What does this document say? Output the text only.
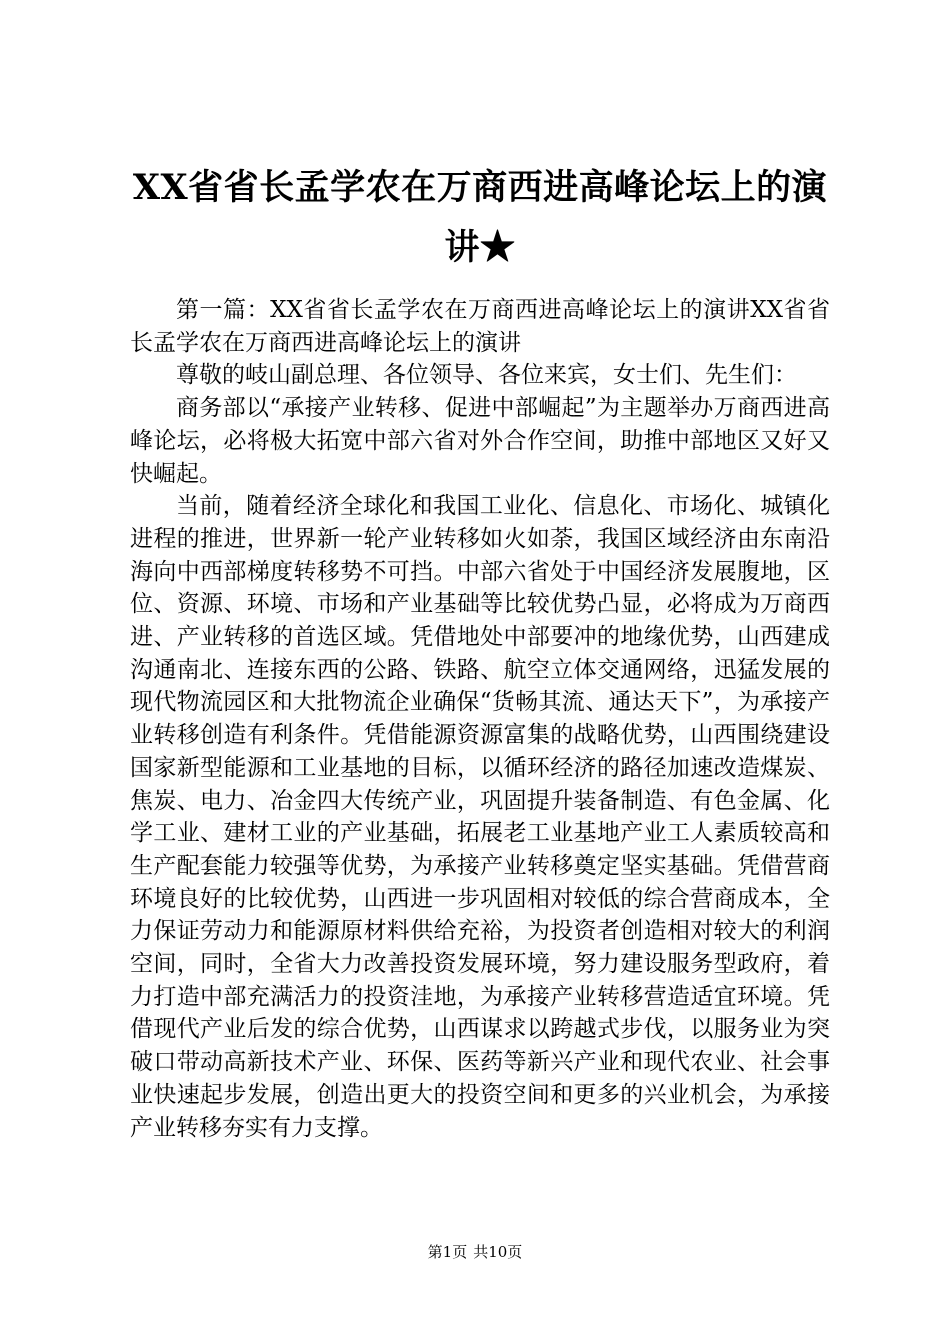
XX省省长孟学农在万商西进高峰论坛上的演
讲★

第一篇：XX省省长孟学农在万商西进高峰论坛上的演讲XX省省长孟学农在万商西进高峰论坛上的演讲

尊敬的岐山副总理、各位领导、各位来宾，女士们、先生们：

商务部以“承接产业转移、促进中部崛起”为主题举办万商西进高峰论坛，必将极大拓宽中部六省对外合作空间，助推中部地区又好又快崛起。

当前，随着经济全球化和我国工业化、信息化、市场化、城镇化进程的推进，世界新一轮产业转移如火如荼，我国区域经济由东南沿海向中西部梯度转移势不可挡。中部六省处于中国经济发展腹地，区位、资源、环境、市场和产业基础等比较优势凸显，必将成为万商西进、产业转移的首选区域。凭借地处中部要冲的地缘优势，山西建成沟通南北、连接东西的公路、铁路、航空立体交通网络，迅猛发展的现代物流园区和大批物流企业确保“货畅其流、通达天下”，为承接产业转移创造有利条件。凭借能源资源富集的战略优势，山西围绕建设国家新型能源和工业基地的目标，以循环经济的路径加速改造煤炭、焦炭、电力、冶金四大传统产业，巩固提升装备制造、有色金属、化学工业、建材工业的产业基础，拓展老工业基地产业工人素质较高和生产配套能力较强等优势，为承接产业转移奠定坚实基础。凭借营商环境良好的比较优势，山西进一步巩固相对较低的综合营商成本，全力保证劳动力和能源原材料供给充裕，为投资者创造相对较大的利润空间，同时，全省大力改善投资发展环境，努力建设服务型政府，着力打造中部充满活力的投资洼地，为承接产业转移营造适宜环境。凭借现代产业后发的综合优势，山西谋求以跨越式步伐，以服务业为突破口带动高新技术产业、环保、医药等新兴产业和现代农业、社会事业快速起步发展，创造出更大的投资空间和更多的兴业机会，为承接产业转移夯实有力支撑。

第1页 共10页
